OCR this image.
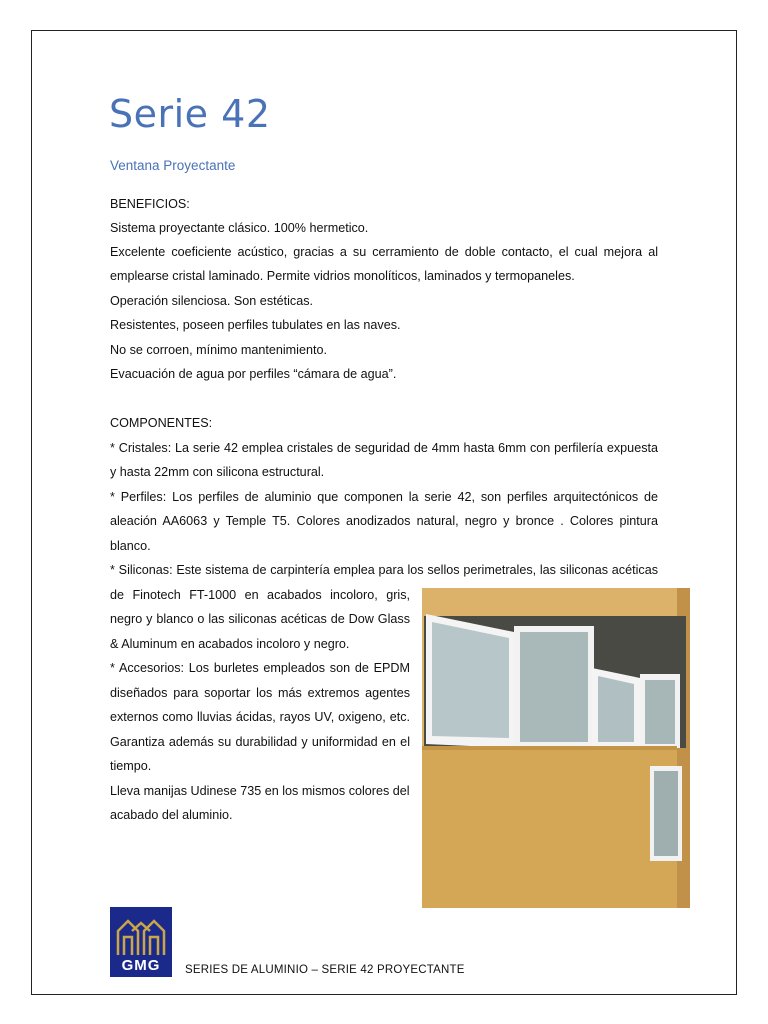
Serie 42
Ventana Proyectante
BENEFICIOS:
Sistema proyectante clásico. 100% hermetico.
Excelente coeficiente acústico, gracias a su cerramiento de doble contacto, el cual mejora al
emplearse cristal laminado. Permite vidrios monolíticos, laminados y termopaneles.
Operación silenciosa. Son estéticas.
Resistentes, poseen perfiles tubulates en las naves.
No se corroen, mínimo mantenimiento.
Evacuación de agua por perfiles “cámara de agua”.
COMPONENTES:
* Cristales: La serie 42 emplea cristales de seguridad de 4mm hasta 6mm con perfilería expuesta
y hasta 22mm con silicona estructural.
* Perfiles: Los perfiles de aluminio que componen la serie 42, son perfiles arquitectónicos de
aleación AA6063 y Temple T5. Colores anodizados natural, negro y bronce . Colores pintura
blanco.
* Siliconas: Este sistema de carpintería emplea para los sellos perimetrales, las siliconas acéticas
de Finotech FT-1000 en acabados incoloro, gris,
negro y blanco o las siliconas acéticas de Dow Glass
& Aluminum en acabados incoloro y negro.
* Accesorios: Los burletes empleados son de EPDM
diseñados para soportar los más extremos agentes
externos como lluvias ácidas, rayos UV, oxigeno, etc.
Garantiza además su durabilidad y uniformidad en el
tiempo.
Lleva manijas Udinese 735 en los mismos colores del
acabado del aluminio.
GMG	SERIES DE ALUMINIO – SERIE 42 PROYECTANTE
